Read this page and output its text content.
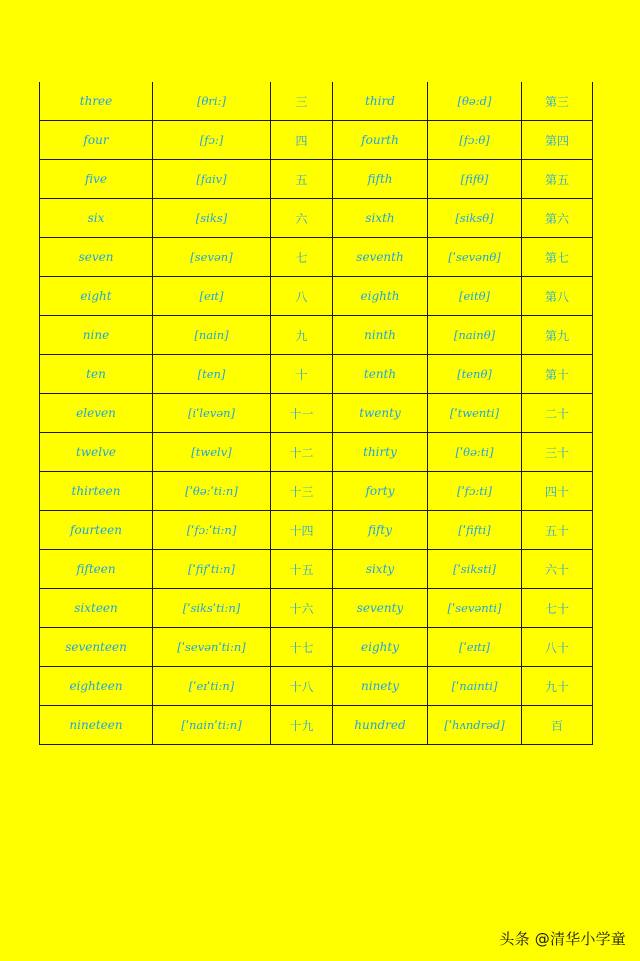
three	[θri:]	三	third	[θə:d]	第三
four	[fɔ:]	四	fourth	[fɔ:θ]	第四
five	[faiv]	五	fifth	[fifθ]	第五
six	[siks]	六	sixth	[siksθ]	第六
seven	[sevən]	七	seventh	[ˈsevənθ]	第七
eight	[eɪt]	八	eighth	[eitθ]	第八
nine	[nain]	九	ninth	[nainθ]	第九
ten	[ten]	十	tenth	[tenθ]	第十
eleven	[iˈlevən]	十一	twenty	[ˈtwenti]	二十
twelve	[twelv]	十二	thirty	[ˈθə:ti]	三十
thirteen	[ˈθə:ˈti:n]	十三	forty	[ˈfɔ:ti]	四十
fourteen	[ˈfɔ:ˈti:n]	十四	fifty	[ˈfifti]	五十
fifteen	[ˈfifˈti:n]	十五	sixty	[ˈsiksti]	六十
sixteen	[ˈsiksˈti:n]	十六	seventy	[ˈsevənti]	七十
seventeen	[ˈsevənˈti:n]	十七	eighty	[ˈeɪtɪ]	八十
eighteen	[ˈeɪˈti:n]	十八	ninety	[ˈnainti]	九十
nineteen	[ˈnainˈti:n]	十九	hundred	[ˈhʌndrəd]	百
头条 @清华小学童
